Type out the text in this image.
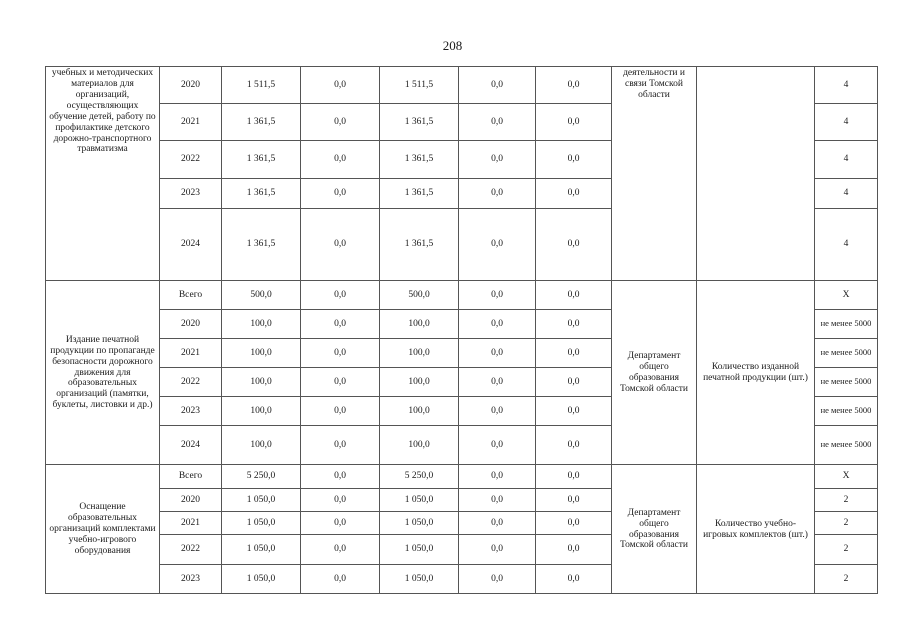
208
учебных и методических материалов для организаций, осуществляющих обучение детей, работу по профилактике детского дорожно-транспортного травматизма	2020	1 511,5	0,0	1 511,5	0,0	0,0	деятельности и связи Томской области		4
	2021	1 361,5	0,0	1 361,5	0,0	0,0			4
	2022	1 361,5	0,0	1 361,5	0,0	0,0			4
	2023	1 361,5	0,0	1 361,5	0,0	0,0			4
	2024	1 361,5	0,0	1 361,5	0,0	0,0			4
Издание печатной продукции по пропаганде безопасности дорожного движения для образовательных организаций (памятки, буклеты, листовки и др.)	Всего	500,0	0,0	500,0	0,0	0,0	Департамент общего образования Томской области	Количество изданной печатной продукции (шт.)	X
	2020	100,0	0,0	100,0	0,0	0,0			не менее 5000
	2021	100,0	0,0	100,0	0,0	0,0			не менее 5000
	2022	100,0	0,0	100,0	0,0	0,0			не менее 5000
	2023	100,0	0,0	100,0	0,0	0,0			не менее 5000
	2024	100,0	0,0	100,0	0,0	0,0			не менее 5000
Оснащение образовательных организаций комплектами учебно-игрового оборудования	Всего	5 250,0	0,0	5 250,0	0,0	0,0	Департамент общего образования Томской области	Количество учебно-игровых комплектов (шт.)	X
	2020	1 050,0	0,0	1 050,0	0,0	0,0			2
	2021	1 050,0	0,0	1 050,0	0,0	0,0			2
	2022	1 050,0	0,0	1 050,0	0,0	0,0			2
	2023	1 050,0	0,0	1 050,0	0,0	0,0			2
